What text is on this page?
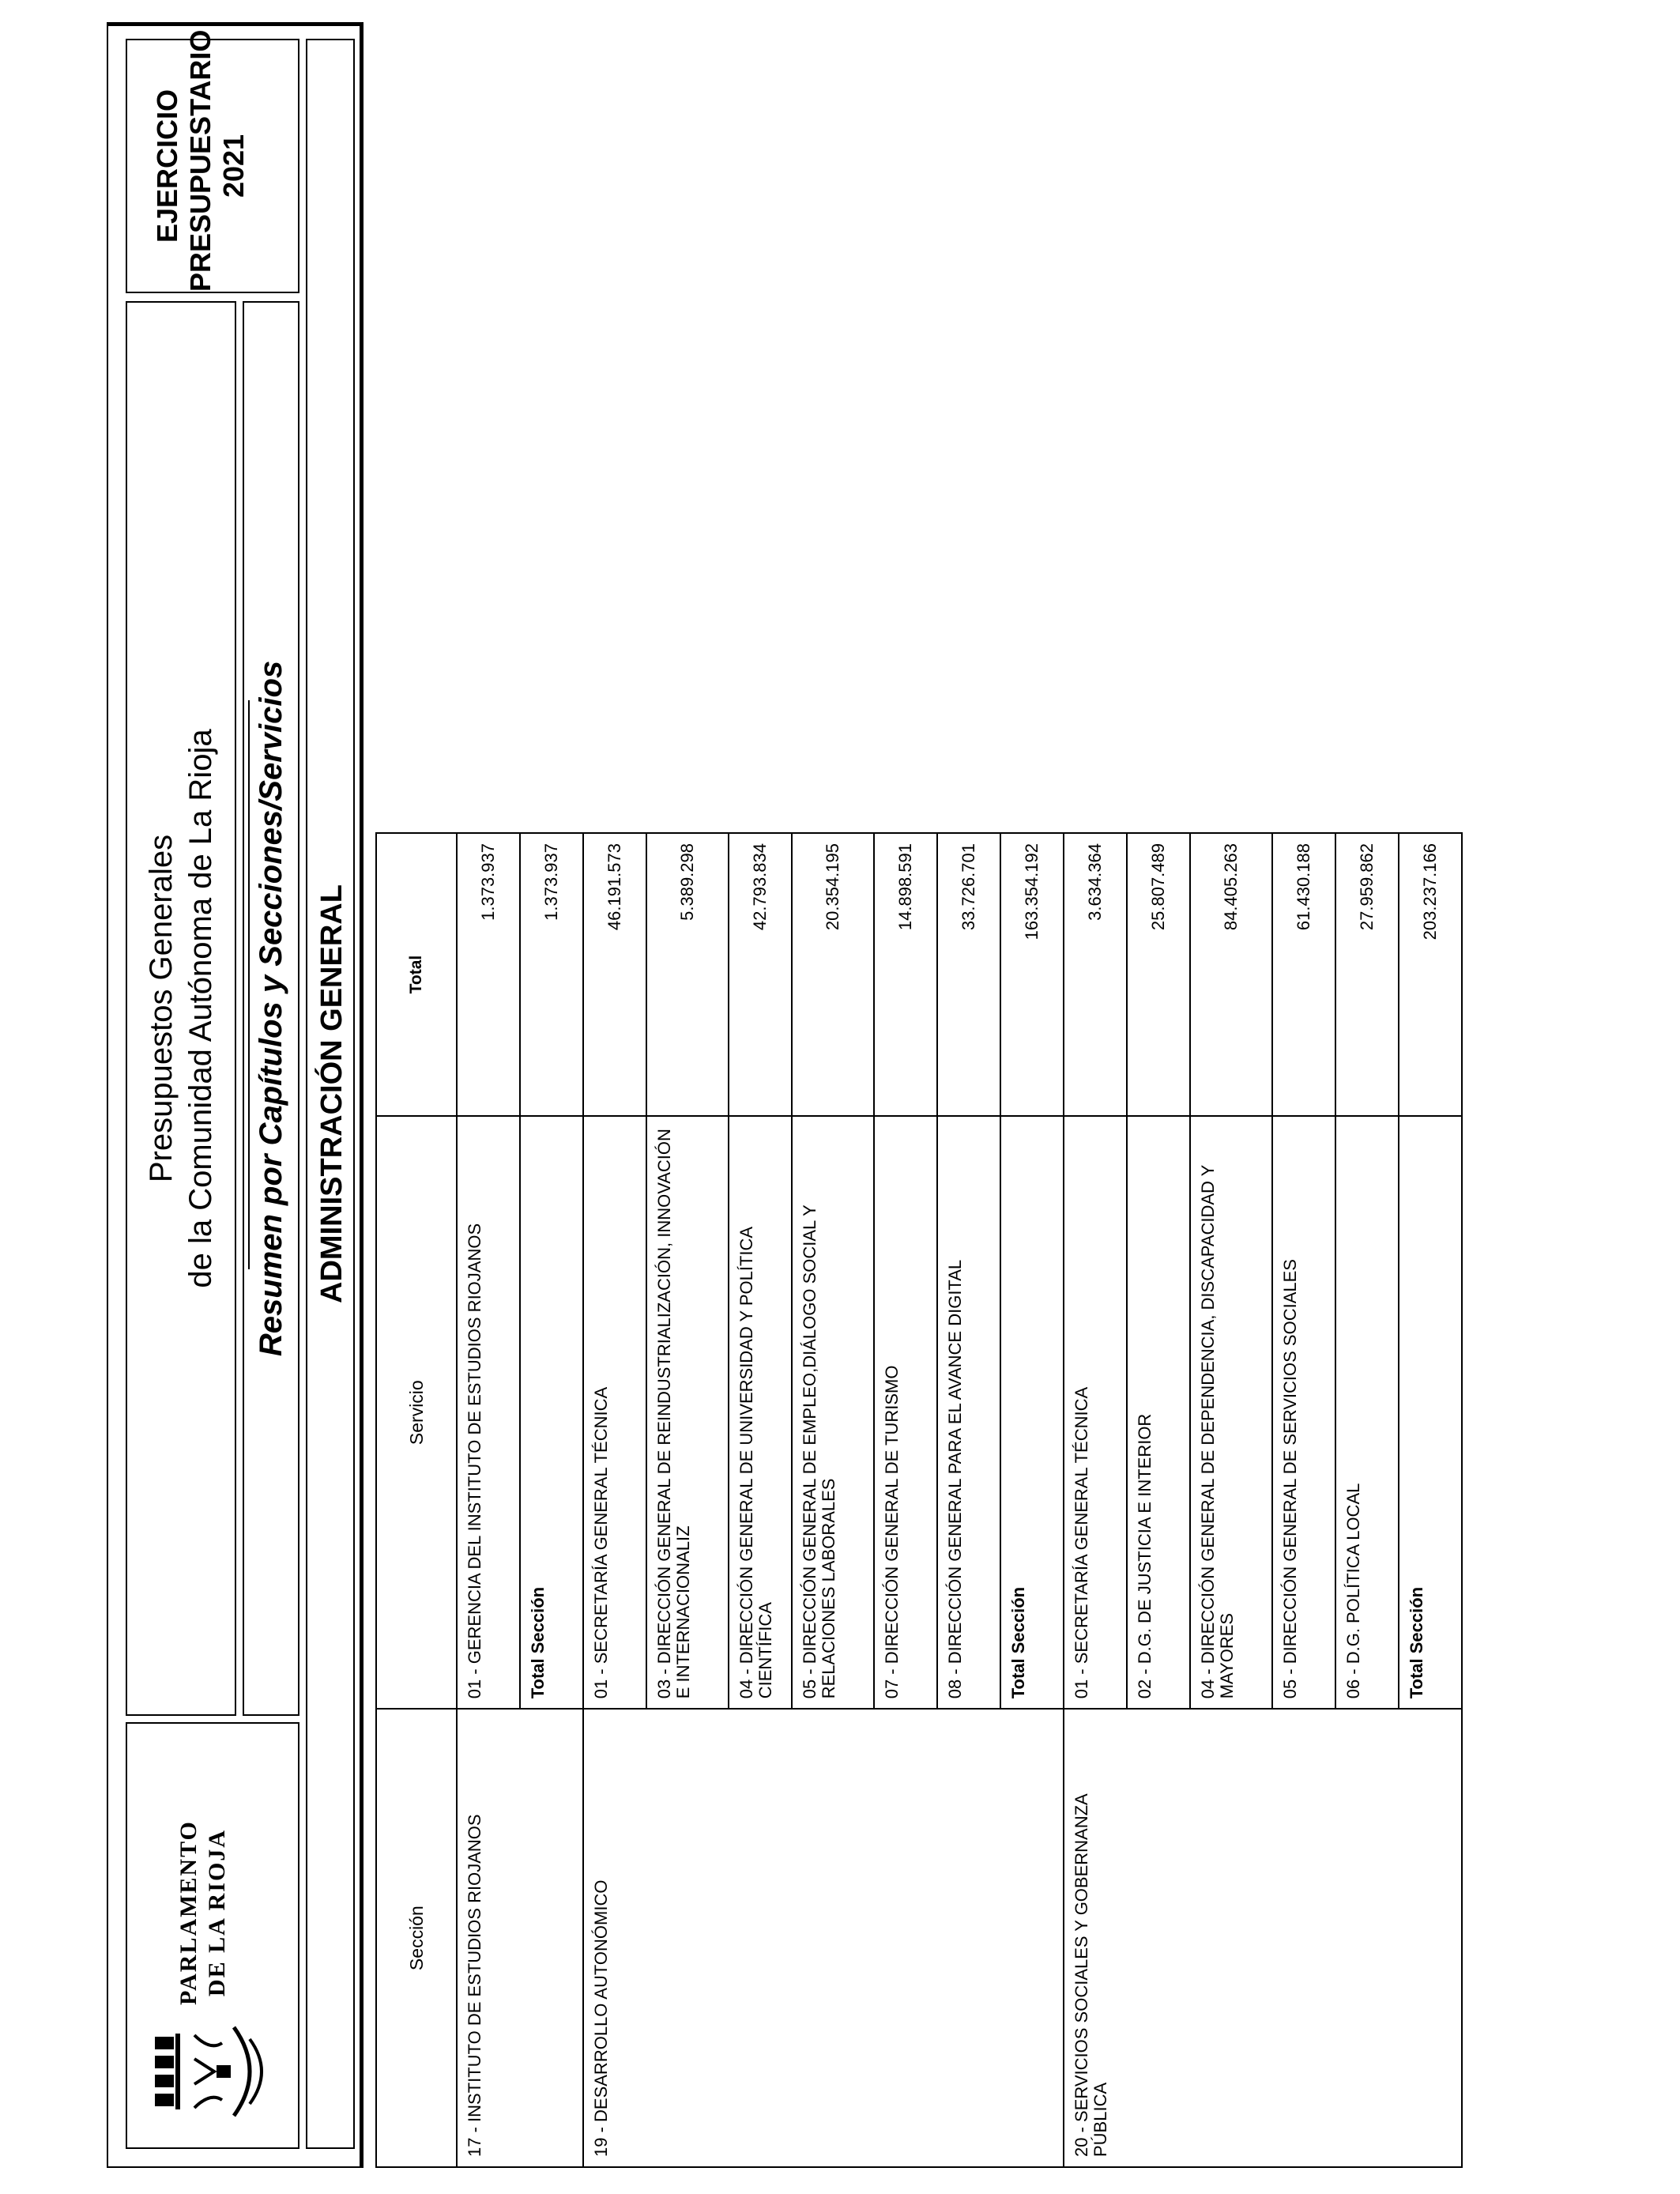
PARLAMENTO DE LA RIOJA
Presupuestos Generales de la Comunidad Autónoma de La Rioja Resumen por Capítulos y Secciones/Servicios
EJERCICIO PRESUPUESTARIO 2021
ADMINISTRACIÓN GENERAL
Sección	Servicio	Total
17 - INSTITUTO DE ESTUDIOS RIOJANOS	01 - GERENCIA DEL INSTITUTO DE ESTUDIOS RIOJANOS	1.373.937
	Total Sección	1.373.937
19 - DESARROLLO AUTONÓMICO	01 - SECRETARÍA GENERAL TÉCNICA	46.191.573
	03 - DIRECCIÓN GENERAL DE REINDUSTRIALIZACIÓN, INNOVACIÓN E INTERNACIONALIZ	5.389.298
	04 - DIRECCIÓN GENERAL DE UNIVERSIDAD Y POLÍTICA CIENTÍFICA	42.793.834
	05 - DIRECCIÓN GENERAL DE EMPLEO,DIÁLOGO SOCIAL Y RELACIONES LABORALES	20.354.195
	07 - DIRECCIÓN GENERAL DE TURISMO	14.898.591
	08 - DIRECCIÓN GENERAL PARA EL AVANCE DIGITAL	33.726.701
	Total Sección	163.354.192
20 - SERVICIOS SOCIALES Y GOBERNANZA PÚBLICA	01 - SECRETARÍA GENERAL TÉCNICA	3.634.364
	02 - D.G. DE JUSTICIA E INTERIOR	25.807.489
	04 - DIRECCIÓN GENERAL DE DEPENDENCIA, DISCAPACIDAD Y MAYORES	84.405.263
	05 - DIRECCIÓN GENERAL DE SERVICIOS SOCIALES	61.430.188
	06 - D.G. POLÍTICA LOCAL	27.959.862
	Total Sección	203.237.166
